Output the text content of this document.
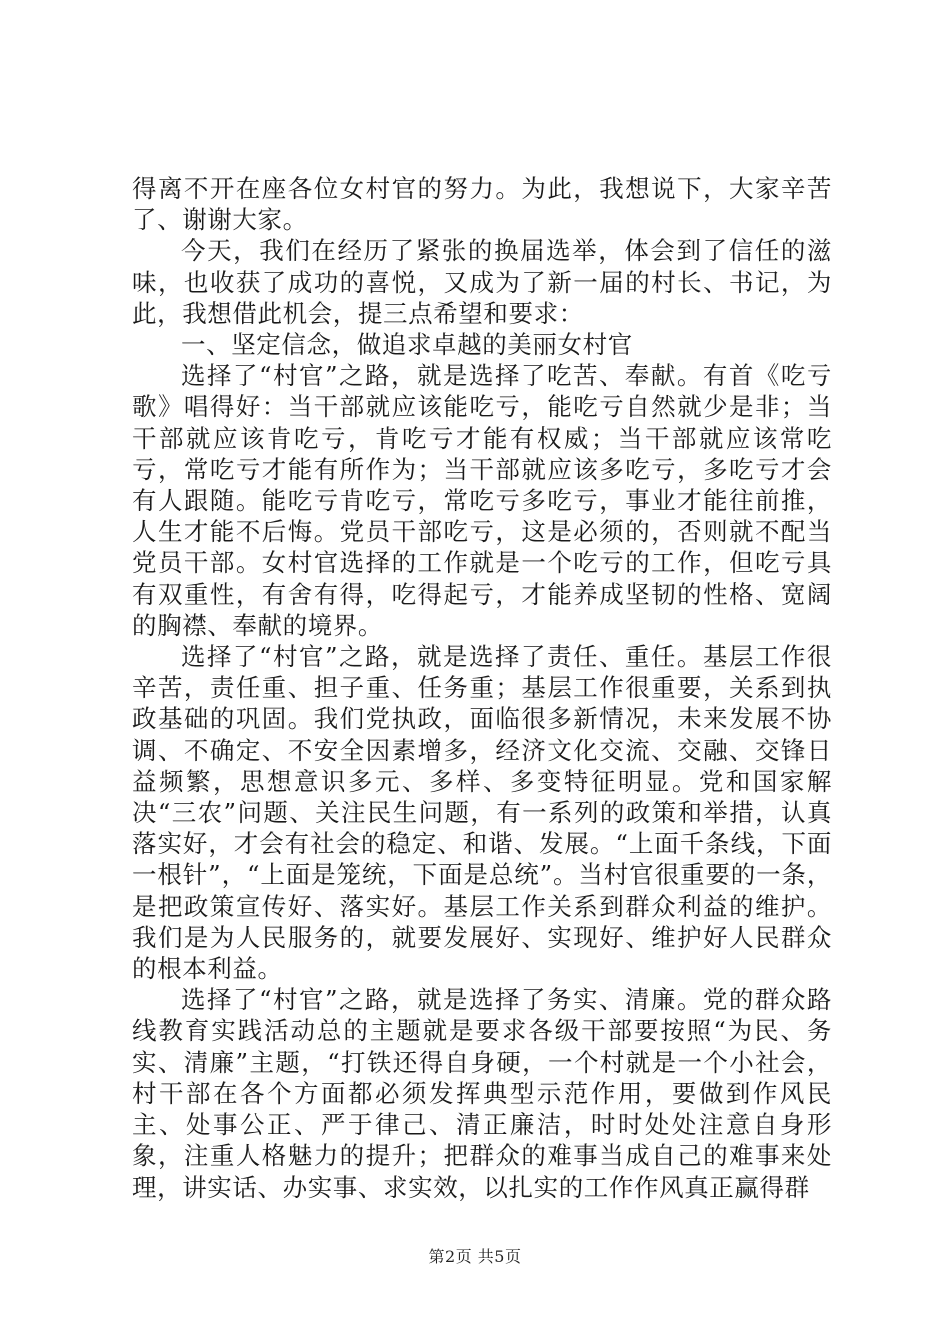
得离不开在座各位女村官的努力。为此，我想说下，大家辛苦了、谢谢大家。

今天，我们在经历了紧张的换届选举，体会到了信任的滋味，也收获了成功的喜悦，又成为了新一届的村长、书记，为此，我想借此机会，提三点希望和要求：

一、坚定信念，做追求卓越的美丽女村官

选择了“村官”之路，就是选择了吃苦、奉献。有首《吃亏歌》唱得好：当干部就应该能吃亏，能吃亏自然就少是非；当干部就应该肯吃亏，肯吃亏才能有权威；当干部就应该常吃亏，常吃亏才能有所作为；当干部就应该多吃亏，多吃亏才会有人跟随。能吃亏肯吃亏，常吃亏多吃亏，事业才能往前推，人生才能不后悔。党员干部吃亏，这是必须的，否则就不配当党员干部。女村官选择的工作就是一个吃亏的工作，但吃亏具有双重性，有舍有得，吃得起亏，才能养成坚韧的性格、宽阔的胸襟、奉献的境界。

选择了“村官”之路，就是选择了责任、重任。基层工作很辛苦，责任重、担子重、任务重；基层工作很重要，关系到执政基础的巩固。我们党执政，面临很多新情况，未来发展不协调、不确定、不安全因素增多，经济文化交流、交融、交锋日益频繁，思想意识多元、多样、多变特征明显。党和国家解决“三农”问题、关注民生问题，有一系列的政策和举措，认真落实好，才会有社会的稳定、和谐、发展。“上面千条线，下面一根针”，“上面是笼统，下面是总统”。当村官很重要的一条，是把政策宣传好、落实好。基层工作关系到群众利益的维护。我们是为人民服务的，就要发展好、实现好、维护好人民群众的根本利益。

选择了“村官”之路，就是选择了务实、清廉。党的群众路线教育实践活动总的主题就是要求各级干部要按照“为民、务实、清廉”主题，“打铁还得自身硬，一个村就是一个小社会，村干部在各个方面都必须发挥典型示范作用，要做到作风民主、处事公正、严于律己、清正廉洁，时时处处注意自身形象，注重人格魅力的提升；把群众的难事当成自己的难事来处理，讲实话、办实事、求实效，以扎实的工作作风真正赢得群

第2页 共5页
